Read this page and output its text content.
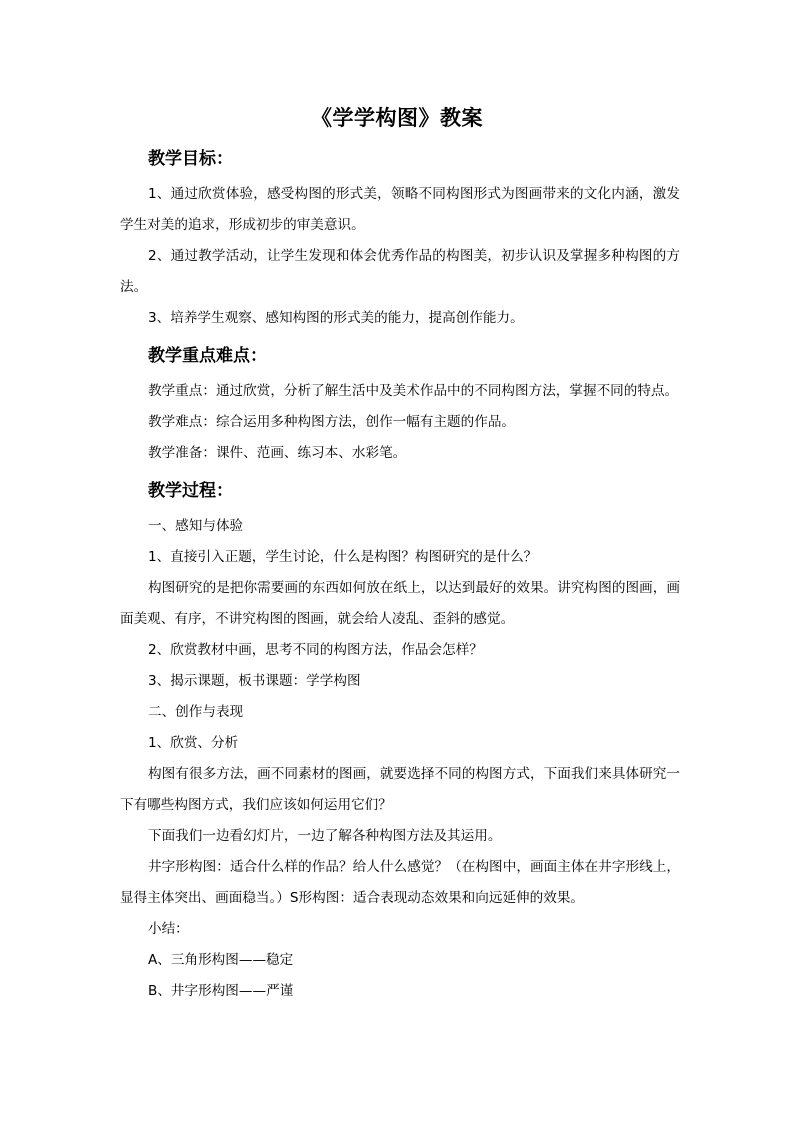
《学学构图》教案
教学目标：

1、通过欣赏体验，感受构图的形式美，领略不同构图形式为图画带来的文化内涵，激发学生对美的追求，形成初步的审美意识。

2、通过教学活动，让学生发现和体会优秀作品的构图美，初步认识及掌握多种构图的方法。

3、培养学生观察、感知构图的形式美的能力，提高创作能力。

教学重点难点：

教学重点：通过欣赏，分析了解生活中及美术作品中的不同构图方法，掌握不同的特点。

教学难点：综合运用多种构图方法，创作一幅有主题的作品。

教学准备：课件、范画、练习本、水彩笔。

教学过程：

一、感知与体验

1、直接引入正题，学生讨论，什么是构图？构图研究的是什么？

构图研究的是把你需要画的东西如何放在纸上，以达到最好的效果。讲究构图的图画，画面美观、有序，不讲究构图的图画，就会给人凌乱、歪斜的感觉。

2、欣赏教材中画，思考不同的构图方法，作品会怎样？

3、揭示课题，板书课题：学学构图

二、创作与表现

1、欣赏、分析

构图有很多方法，画不同素材的图画，就要选择不同的构图方式，下面我们来具体研究一下有哪些构图方式，我们应该如何运用它们？

下面我们一边看幻灯片，一边了解各种构图方法及其运用。

井字形构图：适合什么样的作品？给人什么感觉？（在构图中，画面主体在井字形线上，显得主体突出、画面稳当。）S形构图：适合表现动态效果和向远延伸的效果。

小结：

A、三角形构图——稳定

B、井字形构图——严谨
